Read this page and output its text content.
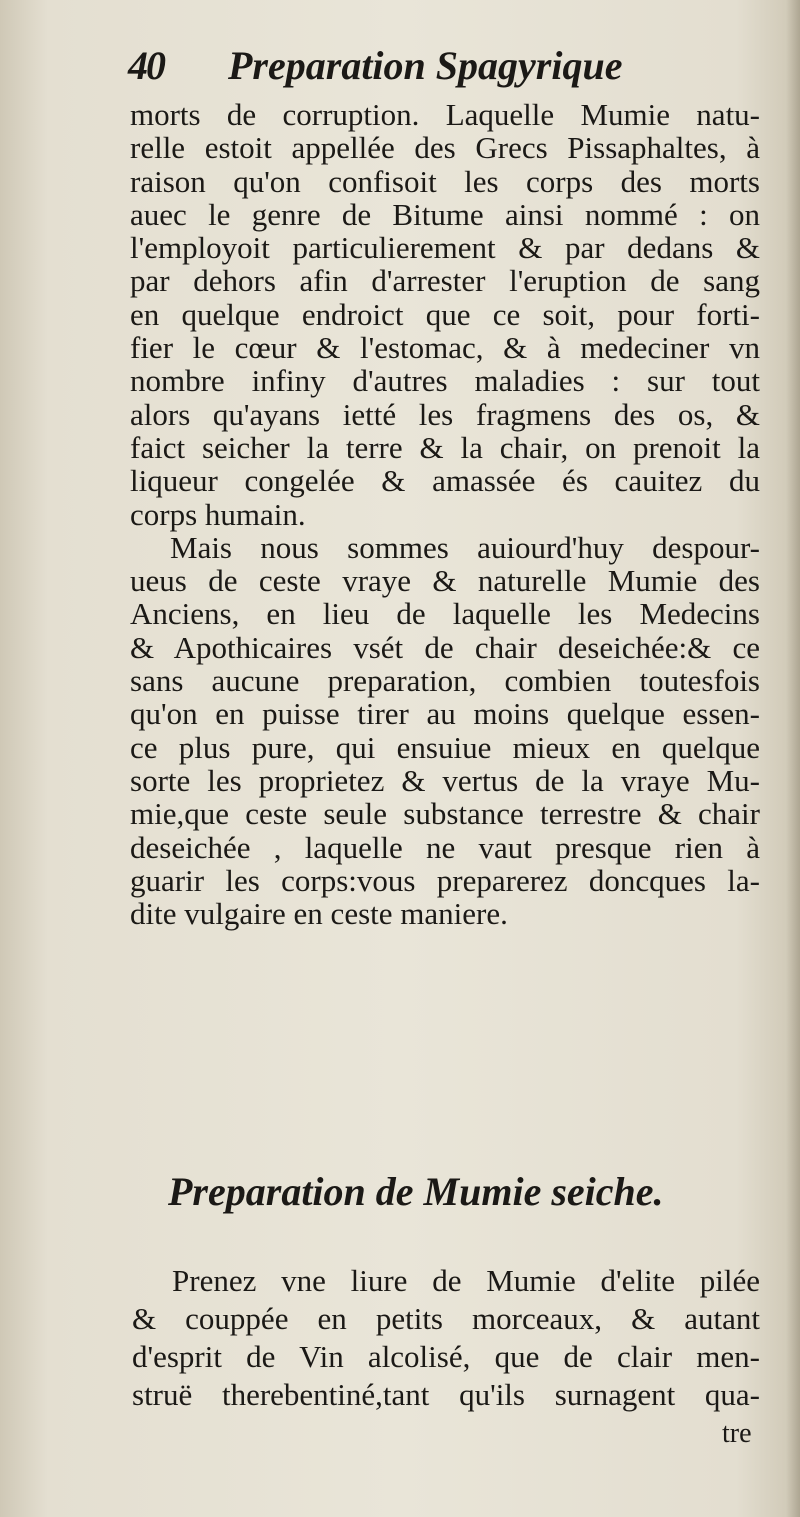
40 Preparation Spagyrique
morts de corruption. Laquelle Mumie natu-
relle estoit appellée des Grecs Pissaphaltes, à
raison qu'on confisoit les corps des morts
auec le genre de Bitume ainsi nommé : on
l'employoit particulierement & par dedans &
par dehors afin d'arrester l'eruption de sang
en quelque endroict que ce soit, pour forti-
fier le cœur & l'estomac, & à medeciner vn
nombre infiny d'autres maladies : sur tout
alors qu'ayans ietté les fragmens des os, &
faict seicher la terre & la chair, on prenoit la
liqueur congelée & amassée és cauitez du
corps humain.
Mais nous sommes auiourd'huy despour-
ueus de ceste vraye & naturelle Mumie des
Anciens, en lieu de laquelle les Medecins
& Apothicaires vsét de chair deseichée:& ce
sans aucune preparation, combien toutesfois
qu'on en puisse tirer au moins quelque essen-
ce plus pure, qui ensuiue mieux en quelque
sorte les proprietez & vertus de la vraye Mu-
mie,que ceste seule substance terrestre & chair
deseichée , laquelle ne vaut presque rien à
guarir les corps:vous preparerez doncques la-
dite vulgaire en ceste maniere.
Preparation de Mumie seiche.
Prenez vne liure de Mumie d'elite pilée
& couppée en petits morceaux, & autant
d'esprit de Vin alcolisé, que de clair men-
struë therebentiné,tant qu'ils surnagent qua-
tre
